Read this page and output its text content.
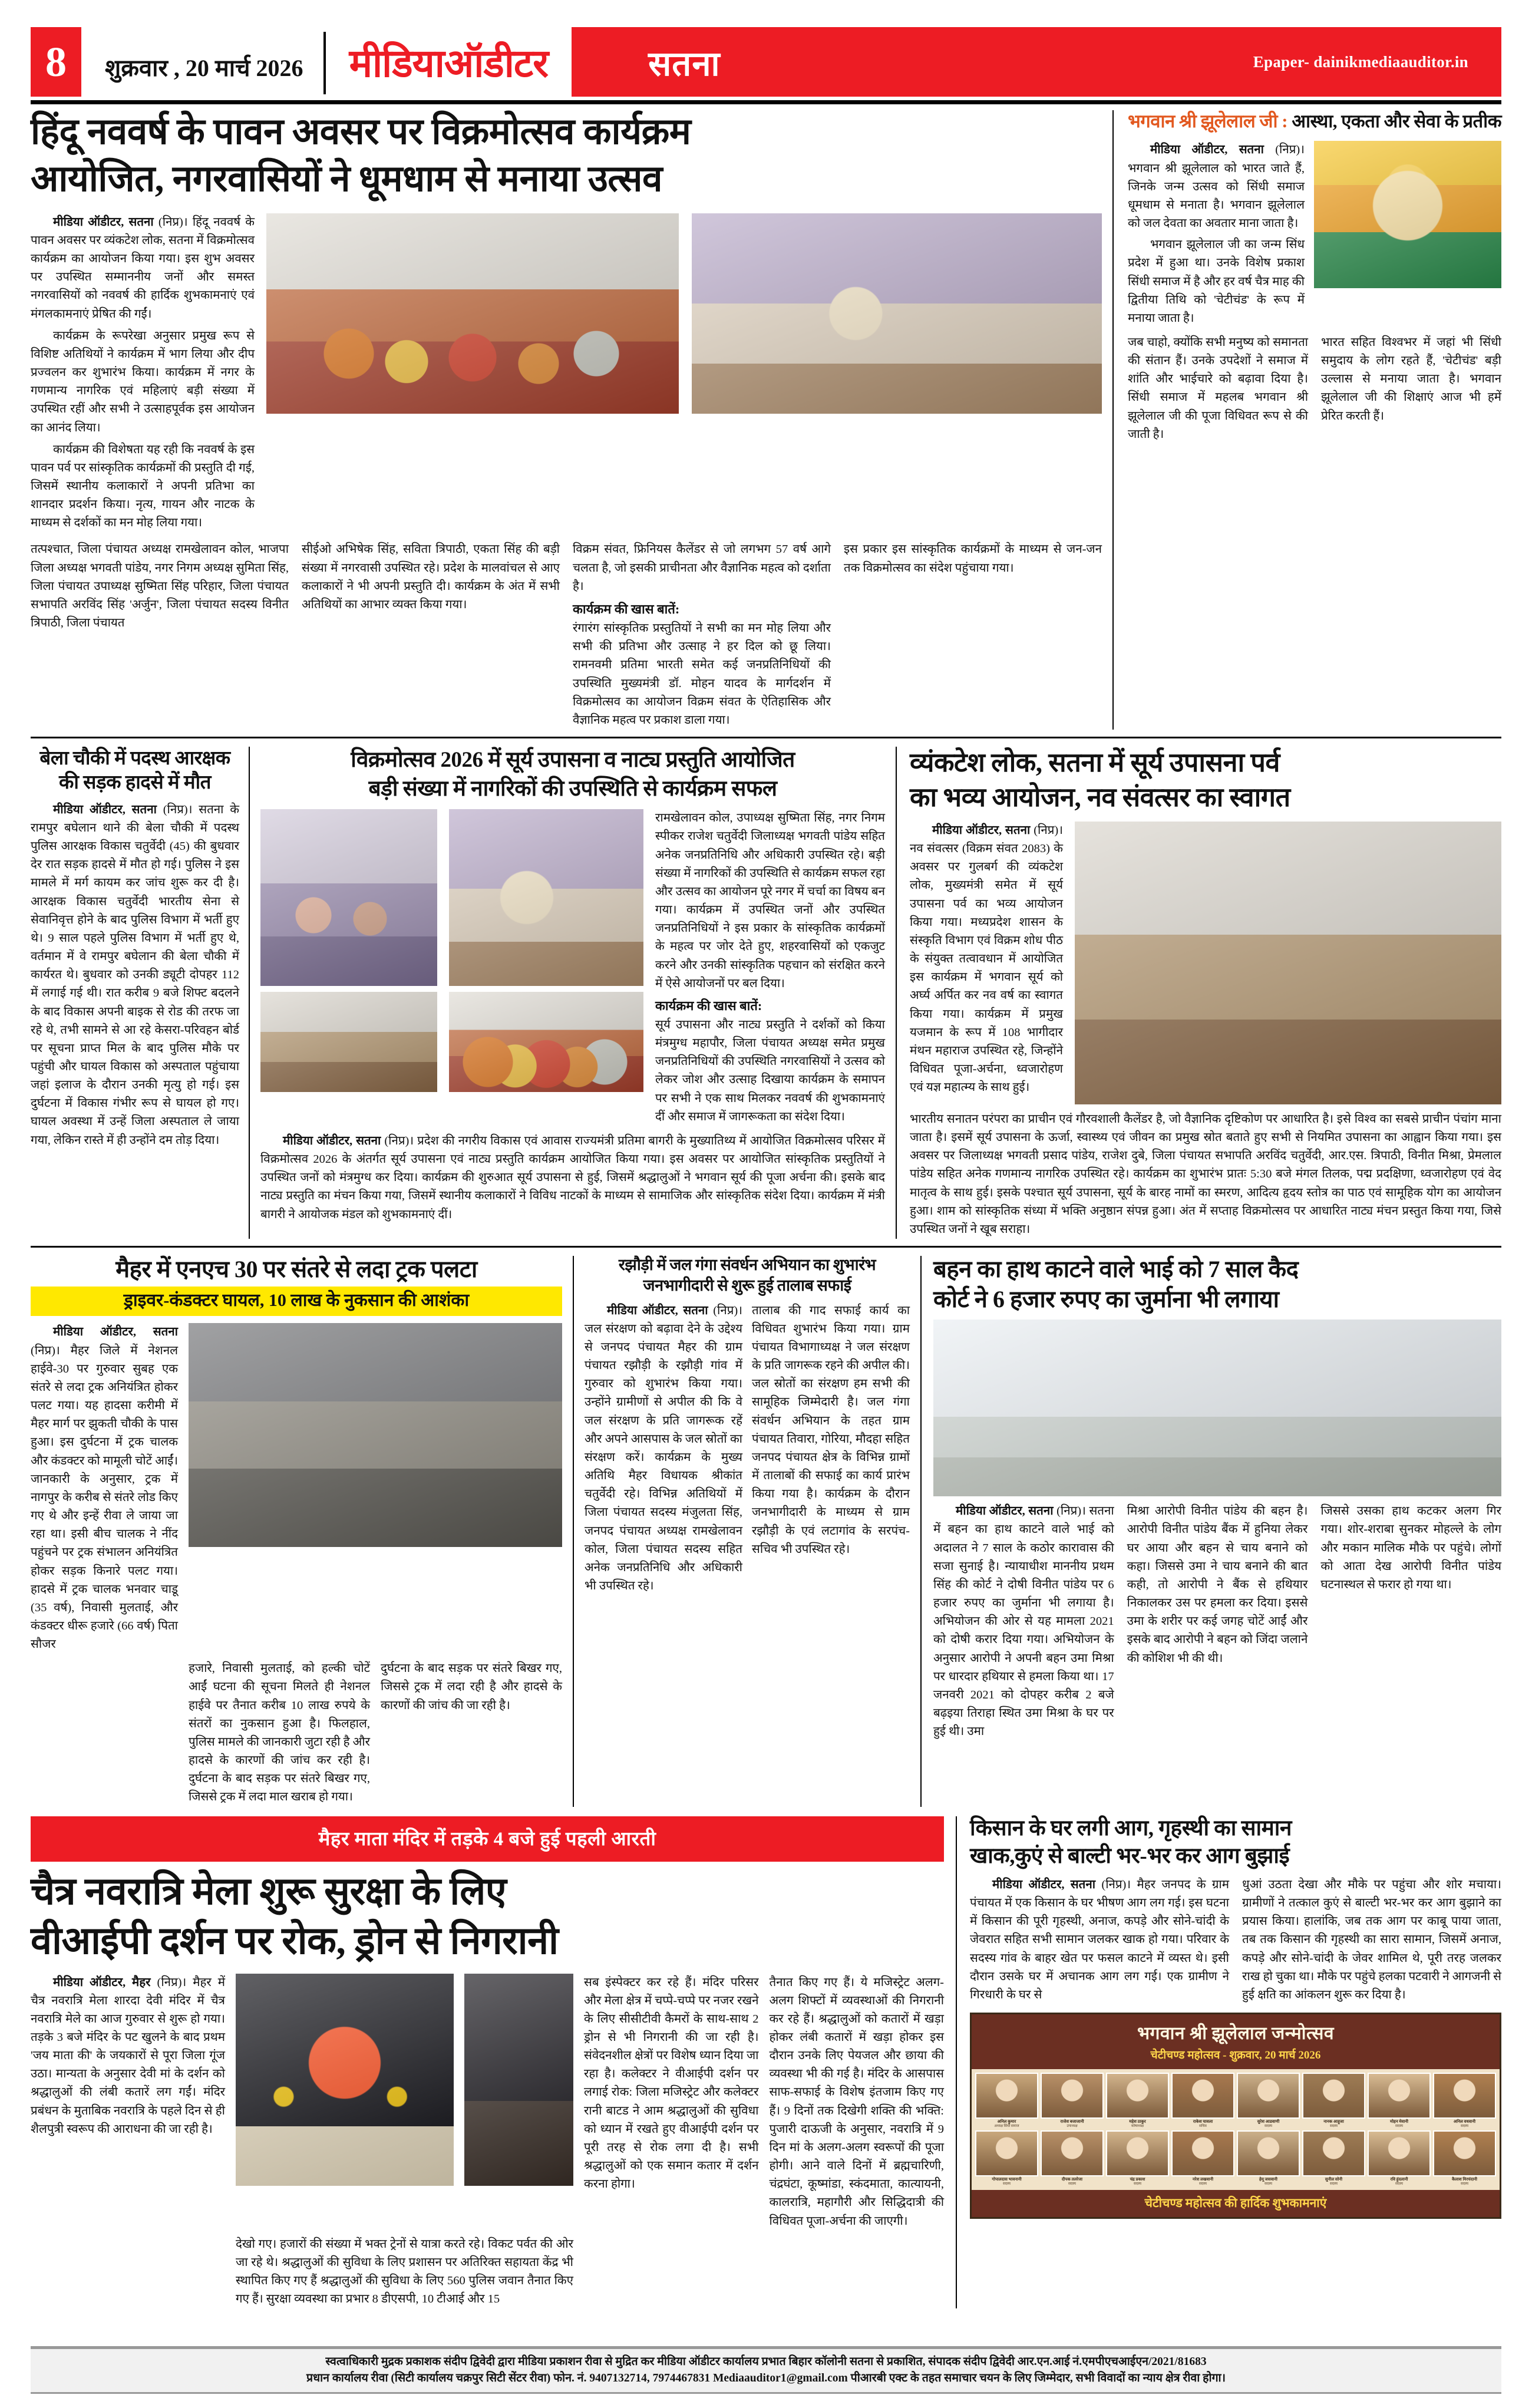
8	शुक्रवार , 20 मार्च 2026	मीडियाऑडीटर	सतना	Epaper- dainikmediaauditor.in
हिंदू नववर्ष के पावन अवसर पर विक्रमोत्सव कार्यक्रम
आयोजित, नगरवासियों ने धूमधाम से मनाया उत्सव

मीडिया ऑडीटर, सतना (निप्र)। हिंदू नववर्ष के पावन अवसर पर व्यंकटेश लोक, सतना में विक्रमोत्सव कार्यक्रम का आयोजन किया गया। इस शुभ अवसर पर उपस्थित सम्माननीय जनों और समस्त नगरवासियों को नववर्ष की हार्दिक शुभकामनाएं एवं मंगलकामनाएं प्रेषित की गईं।

कार्यक्रम के रूपरेखा अनुसार प्रमुख रूप से विशिष्ट अतिथियों ने कार्यक्रम में भाग लिया और दीप प्रज्वलन कर शुभारंभ किया। कार्यक्रम में नगर के गणमान्य नागरिक एवं महिलाएं बड़ी संख्या में उपस्थित रहीं और सभी ने उत्साहपूर्वक इस आयोजन का आनंद लिया।

कार्यक्रम की विशेषता यह रही कि नववर्ष के इस पावन पर्व पर सांस्कृतिक कार्यक्रमों की प्रस्तुति दी गई, जिसमें स्थानीय कलाकारों ने अपनी प्रतिभा का शानदार प्रदर्शन किया। नृत्य, गायन और नाटक के माध्यम से दर्शकों का मन मोह लिया गया।

तत्पश्चात, जिला पंचायत अध्यक्ष रामखेलावन कोल, भाजपा जिला अध्यक्ष भगवती पांडेय, नगर निगम अध्यक्ष सुमिता सिंह, जिला पंचायत उपाध्यक्ष सुष्मिता सिंह परिहार, जिला पंचायत सभापति अरविंद सिंह 'अर्जुन', जिला पंचायत सदस्य विनीत त्रिपाठी, जिला पंचायत

सीईओ अभिषेक सिंह, सविता त्रिपाठी, एकता सिंह की बड़ी संख्या में नगरवासी उपस्थित रहे। प्रदेश के मालवांचल से आए कलाकारों ने भी अपनी प्रस्तुति दी। कार्यक्रम के अंत में सभी अतिथियों का आभार व्यक्त किया गया।

विक्रम संवत, फ्रिनियस कैलेंडर से जो लगभग 57 वर्ष आगे चलता है, जो इसकी प्राचीनता और वैज्ञानिक महत्व को दर्शाता है।

कार्यक्रम की खास बातें:

रंगारंग सांस्कृतिक प्रस्तुतियों ने सभी का मन मोह लिया और सभी की प्रतिभा और उत्साह ने हर दिल को छू लिया। रामनवमी प्रतिमा भारती समेत कई जनप्रतिनिधियों की उपस्थिति मुख्यमंत्री डॉ. मोहन यादव के मार्गदर्शन में विक्रमोत्सव का आयोजन विक्रम संवत के ऐतिहासिक और वैज्ञानिक महत्व पर प्रकाश डाला गया।

इस प्रकार इस सांस्कृतिक कार्यक्रमों के माध्यम से जन-जन तक विक्रमोत्सव का संदेश पहुंचाया गया।

भगवान श्री झूलेलाल जी : आस्था, एकता और सेवा के प्रतीक

मीडिया ऑडीटर, सतना (निप्र)। भगवान श्री झूलेलाल को भारत जाते हैं, जिनके जन्म उत्सव को सिंधी समाज धूमधाम से मनाता है। भगवान झूलेलाल को जल देवता का अवतार माना जाता है।

भगवान झूलेलाल जी का जन्म सिंध प्रदेश में हुआ था। उनके विशेष प्रकाश सिंधी समाज में है और हर वर्ष चैत्र माह की द्वितीया तिथि को 'चेटीचंड' के रूप में मनाया जाता है।

जब चाहो, क्योंकि सभी मनुष्य को समानता की संतान हैं। उनके उपदेशों ने समाज में शांति और भाईचारे को बढ़ावा दिया है। सिंधी समाज में महलब भगवान श्री झूलेलाल जी की पूजा विधिवत रूप से की जाती है।

भारत सहित विश्वभर में जहां भी सिंधी समुदाय के लोग रहते हैं, 'चेटीचंड' बड़ी उल्लास से मनाया जाता है। भगवान झूलेलाल जी की शिक्षाएं आज भी हमें प्रेरित करती हैं।

बेला चौकी में पदस्थ आरक्षक की सड़क हादसे में मौत

मीडिया ऑडीटर, सतना (निप्र)। सतना के रामपुर बघेलान थाने की बेला चौकी में पदस्थ पुलिस आरक्षक विकास चतुर्वेदी (45) की बुधवार देर रात सड़क हादसे में मौत हो गई। पुलिस ने इस मामले में मर्ग कायम कर जांच शुरू कर दी है। आरक्षक विकास चतुर्वेदी भारतीय सेना से सेवानिवृत्त होने के बाद पुलिस विभाग में भर्ती हुए थे। 9 साल पहले पुलिस विभाग में भर्ती हुए थे, वर्तमान में वे रामपुर बघेलान की बेला चौकी में कार्यरत थे। बुधवार को उनकी ड्यूटी दोपहर 112 में लगाई गई थी। रात करीब 9 बजे शिफ्ट बदलने के बाद विकास अपनी बाइक से रोड की तरफ जा रहे थे, तभी सामने से आ रहे केसरा-परिवहन बोर्ड पर सूचना प्राप्त मिल के बाद पुलिस मौके पर पहुंची और घायल विकास को अस्पताल पहुंचाया जहां इलाज के दौरान उनकी मृत्यु हो गई। इस दुर्घटना में विकास गंभीर रूप से घायल हो गए। घायल अवस्था में उन्हें जिला अस्पताल ले जाया गया, लेकिन रास्ते में ही उन्होंने दम तोड़ दिया।

विक्रमोत्सव 2026 में सूर्य उपासना व नाट्य प्रस्तुति आयोजित
बड़ी संख्या में नागरिकों की उपस्थिति से कार्यक्रम सफल

रामखेलावन कोल, उपाध्यक्ष सुष्मिता सिंह, नगर निगम स्पीकर राजेश चतुर्वेदी जिलाध्यक्ष भगवती पांडेय सहित अनेक जनप्रतिनिधि और अधिकारी उपस्थित रहे। बड़ी संख्या में नागरिकों की उपस्थिति से कार्यक्रम सफल रहा और उत्सव का आयोजन पूरे नगर में चर्चा का विषय बन गया। कार्यक्रम में उपस्थित जनों और उपस्थित जनप्रतिनिधियों ने इस प्रकार के सांस्कृतिक कार्यक्रमों के महत्व पर जोर देते हुए, शहरवासियों को एकजुट करने और उनकी सांस्कृतिक पहचान को संरक्षित करने में ऐसे आयोजनों पर बल दिया।

कार्यक्रम की खास बातें:

सूर्य उपासना और नाट्य प्रस्तुति ने दर्शकों को किया मंत्रमुग्ध महापौर, जिला पंचायत अध्यक्ष समेत प्रमुख जनप्रतिनिधियों की उपस्थिति नगरवासियों ने उत्सव को लेकर जोश और उत्साह दिखाया कार्यक्रम के समापन पर सभी ने एक साथ मिलकर नववर्ष की शुभकामनाएं दीं और समाज में जागरूकता का संदेश दिया।

मीडिया ऑडीटर, सतना (निप्र)। प्रदेश की नगरीय विकास एवं आवास राज्यमंत्री प्रतिमा बागरी के मुख्यातिथ्य में आयोजित विक्रमोत्सव परिसर में विक्रमोत्सव 2026 के अंतर्गत सूर्य उपासना एवं नाट्य प्रस्तुति कार्यक्रम आयोजित किया गया। इस अवसर पर आयोजित सांस्कृतिक प्रस्तुतियों ने उपस्थित जनों को मंत्रमुग्ध कर दिया। कार्यक्रम की शुरुआत सूर्य उपासना से हुई, जिसमें श्रद्धालुओं ने भगवान सूर्य की पूजा अर्चना की। इसके बाद नाट्य प्रस्तुति का मंचन किया गया, जिसमें स्थानीय कलाकारों ने विविध नाटकों के माध्यम से सामाजिक और सांस्कृतिक संदेश दिया। कार्यक्रम में मंत्री बागरी ने आयोजक मंडल को शुभकामनाएं दीं।

व्यंकटेश लोक, सतना में सूर्य उपासना पर्व
का भव्य आयोजन, नव संवत्सर का स्वागत

मीडिया ऑडीटर, सतना (निप्र)। नव संवत्सर (विक्रम संवत 2083) के अवसर पर गुलबर्ग की व्यंकटेश लोक, मुख्यमंत्री समेत में सूर्य उपासना पर्व का भव्य आयोजन किया गया। मध्यप्रदेश शासन के संस्कृति विभाग एवं विक्रम शोध पीठ के संयुक्त तत्वावधान में आयोजित इस कार्यक्रम में भगवान सूर्य को अर्घ्य अर्पित कर नव वर्ष का स्वागत किया गया। कार्यक्रम में प्रमुख यजमान के रूप में 108 भागीदार मंथन महाराज उपस्थित रहे, जिन्होंने विधिवत पूजा-अर्चना, ध्वजारोहण एवं यज्ञ महात्म्य के साथ हुई।

भारतीय सनातन परंपरा का प्राचीन एवं गौरवशाली कैलेंडर है, जो वैज्ञानिक दृष्टिकोण पर आधारित है। इसे विश्व का सबसे प्राचीन पंचांग माना जाता है। इसमें सूर्य उपासना के ऊर्जा, स्वास्थ्य एवं जीवन का प्रमुख स्रोत बताते हुए सभी से नियमित उपासना का आह्वान किया गया। इस अवसर पर जिलाध्यक्ष भगवती प्रसाद पांडेय, राजेश दुबे, जिला पंचायत सभापति अरविंद चतुर्वेदी, आर.एस. त्रिपाठी, विनीत मिश्रा, प्रेमलाल पांडेय सहित अनेक गणमान्य नागरिक उपस्थित रहे। कार्यक्रम का शुभारंभ प्रातः 5:30 बजे मंगल तिलक, पद्म प्रदक्षिणा, ध्वजारोहण एवं वेद मातृत्व के साथ हुई। इसके पश्चात सूर्य उपासना, सूर्य के बारह नामों का स्मरण, आदित्य हृदय स्तोत्र का पाठ एवं सामूहिक योग का आयोजन हुआ। शाम को सांस्कृतिक संध्या में भक्ति अनुष्ठान संपन्न हुआ। अंत में सप्ताह विक्रमोत्सव पर आधारित नाट्य मंचन प्रस्तुत किया गया, जिसे उपस्थित जनों ने खूब सराहा।

मैहर में एनएच 30 पर संतरे से लदा ट्रक पलटा
ड्राइवर-कंडक्टर घायल, 10 लाख के नुकसान की आशंका

मीडिया ऑडीटर, सतना (निप्र)। मैहर जिले में नेशनल हाईवे-30 पर गुरुवार सुबह एक संतरे से लदा ट्रक अनियंत्रित होकर पलट गया। यह हादसा करीमी में मैहर मार्ग पर झुकती चौकी के पास हुआ। इस दुर्घटना में ट्रक चालक और कंडक्टर को मामूली चोटें आईं। जानकारी के अनुसार, ट्रक में नागपुर के करीब से संतरे लोड किए गए थे और इन्हें रीवा ले जाया जा रहा था। इसी बीच चालक ने नींद पहुंचने पर ट्रक संभालन अनियंत्रित होकर सड़क किनारे पलट गया। हादसे में ट्रक चालक भनवार चाडू (35 वर्ष), निवासी मुलताई, और कंडक्टर धीरू हजारे (66 वर्ष) पिता सौजर

हजारे, निवासी मुलताई, को हल्की चोटें आईं घटना की सूचना मिलते ही नेशनल हाईवे पर तैनात करीब 10 लाख रुपये के संतरों का नुकसान हुआ है। फिलहाल, पुलिस मामले की जानकारी जुटा रही है और हादसे के कारणों की जांच कर रही है। दुर्घटना के बाद सड़क पर संतरे बिखर गए, जिससे ट्रक में लदा माल खराब हो गया।

दुर्घटना के बाद सड़क पर संतरे बिखर गए, जिससे ट्रक में लदा रही है और हादसे के कारणों की जांच की जा रही है।

रझौड़ी में जल गंगा संवर्धन अभियान का शुभारंभ
जनभागीदारी से शुरू हुई तालाब सफाई

मीडिया ऑडीटर, सतना (निप्र)। जल संरक्षण को बढ़ावा देने के उद्देश्य से जनपद पंचायत मैहर की ग्राम पंचायत रझौड़ी के रझौड़ी गांव में गुरुवार को शुभारंभ किया गया। उन्होंने ग्रामीणों से अपील की कि वे जल संरक्षण के प्रति जागरूक रहें और अपने आसपास के जल स्रोतों का संरक्षण करें। कार्यक्रम के मुख्य अतिथि मैहर विधायक श्रीकांत चतुर्वेदी रहे। विभिन्न अतिथियों में जिला पंचायत सदस्य मंजुलता सिंह, जनपद पंचायत अध्यक्ष रामखेलावन कोल, जिला पंचायत सदस्य सहित अनेक जनप्रतिनिधि और अधिकारी भी उपस्थित रहे।

तालाब की गाद सफाई कार्य का विधिवत शुभारंभ किया गया। ग्राम पंचायत विभागाध्यक्ष ने जल संरक्षण के प्रति जागरूक रहने की अपील की। जल स्रोतों का संरक्षण हम सभी की सामूहिक जिम्मेदारी है। जल गंगा संवर्धन अभियान के तहत ग्राम पंचायत तिवारा, गोरिया, मौदहा सहित जनपद पंचायत क्षेत्र के विभिन्न ग्रामों में तालाबों की सफाई का कार्य प्रारंभ किया गया है। कार्यक्रम के दौरान जनभागीदारी के माध्यम से ग्राम रझौड़ी के एवं लटागांव के सरपंच-सचिव भी उपस्थित रहे।

बहन का हाथ काटने वाले भाई को 7 साल कैद
कोर्ट ने 6 हजार रुपए का जुर्माना भी लगाया

मीडिया ऑडीटर, सतना (निप्र)। सतना में बहन का हाथ काटने वाले भाई को अदालत ने 7 साल के कठोर कारावास की सजा सुनाई है। न्यायाधीश माननीय प्रथम सिंह की कोर्ट ने दोषी विनीत पांडेय पर 6 हजार रुपए का जुर्माना भी लगाया है। अभियोजन की ओर से यह मामला 2021 को दोषी करार दिया गया। अभियोजन के अनुसार आरोपी ने अपनी बहन उमा मिश्रा पर धारदार हथियार से हमला किया था। 17 जनवरी 2021 को दोपहर करीब 2 बजे बढ़इया तिराहा स्थित उमा मिश्रा के घर पर हुई थी। उमा

मिश्रा आरोपी विनीत पांडेय की बहन है। आरोपी विनीत पांडेय बैंक में हुनिया लेकर घर आया और बहन से चाय बनाने को कहा। जिससे उमा ने चाय बनाने की बात कही, तो आरोपी ने बैंक से हथियार निकालकर उस पर हमला कर दिया। इससे उमा के शरीर पर कई जगह चोटें आईं और इसके बाद आरोपी ने बहन को जिंदा जलाने की कोशिश भी की थी।

जिससे उसका हाथ कटकर अलग गिर गया। शोर-शराबा सुनकर मोहल्ले के लोग और मकान मालिक मौके पर पहुंचे। लोगों को आता देख आरोपी विनीत पांडेय घटनास्थल से फरार हो गया था।

मैहर माता मंदिर में तड़के 4 बजे हुई पहली आरती
चैत्र नवरात्रि मेला शुरू सुरक्षा के लिए
वीआईपी दर्शन पर रोक, ड्रोन से निगरानी

मीडिया ऑडीटर, मैहर (निप्र)। मैहर में चैत्र नवरात्रि मेला शारदा देवी मंदिर में चैत्र नवरात्रि मेले का आज गुरुवार से शुरू हो गया। तड़के 3 बजे मंदिर के पट खुलने के बाद प्रथम 'जय माता की' के जयकारों से पूरा जिला गूंज उठा। मान्यता के अनुसार देवी मां के दर्शन को श्रद्धालुओं की लंबी कतारें लग गईं। मंदिर प्रबंधन के मुताबिक नवरात्रि के पहले दिन से ही शैलपुत्री स्वरूप की आराधना की जा रही है।

सब इंस्पेक्टर कर रहे हैं। मंदिर परिसर और मेला क्षेत्र में चप्पे-चप्पे पर नजर रखने के लिए सीसीटीवी कैमरों के साथ-साथ 2 ड्रोन से भी निगरानी की जा रही है। संवेदनशील क्षेत्रों पर विशेष ध्यान दिया जा रहा है। कलेक्टर ने वीआईपी दर्शन पर लगाई रोक: जिला मजिस्ट्रेट और कलेक्टर रानी बाटड ने आम श्रद्धालुओं की सुविधा को ध्यान में रखते हुए वीआईपी दर्शन पर पूरी तरह से रोक लगा दी है। सभी श्रद्धालुओं को एक समान कतार में दर्शन करना होगा।

तैनात किए गए हैं। ये मजिस्ट्रेट अलग-अलग शिफ्टों में व्यवस्थाओं की निगरानी कर रहे हैं। श्रद्धालुओं को कतारों में खड़ा होकर लंबी कतारों में खड़ा होकर इस दौरान उनके लिए पेयजल और छाया की व्यवस्था भी की गई है। मंदिर के आसपास साफ-सफाई के विशेष इंतजाम किए गए हैं। 9 दिनों तक दिखेगी शक्ति की भक्ति: पुजारी दाऊजी के अनुसार, नवरात्रि में 9 दिन मां के अलग-अलग स्वरूपों की पूजा होगी। आने वाले दिनों में ब्रह्मचारिणी, चंद्रघंटा, कूष्मांडा, स्कंदमाता, कात्यायनी, कालरात्रि, महागौरी और सिद्धिदात्री की विधिवत पूजा-अर्चना की जाएगी।

देखो गए। हजारों की संख्या में भक्त ट्रेनों से यात्रा करते रहे। विकट पर्वत की ओर जा रहे थे। श्रद्धालुओं की सुविधा के लिए प्रशासन पर अतिरिक्त सहायता केंद्र भी स्थापित किए गए हैं श्रद्धालुओं की सुविधा के लिए 560 पुलिस जवान तैनात किए गए हैं। सुरक्षा व्यवस्था का प्रभार 8 डीएसपी, 10 टीआई और 15

किसान के घर लगी आग, गृहस्थी का सामान
खाक,कुएं से बाल्टी भर-भर कर आग बुझाई

मीडिया ऑडीटर, सतना (निप्र)। मैहर जनपद के ग्राम पंचायत में एक किसान के घर भीषण आग लग गई। इस घटना में किसान की पूरी गृहस्थी, अनाज, कपड़े और सोने-चांदी के जेवरात सहित सभी सामान जलकर खाक हो गया। परिवार के सदस्य गांव के बाहर खेत पर फसल काटने में व्यस्त थे। इसी दौरान उसके घर में अचानक आग लग गई। एक ग्रामीण ने गिरधारी के घर से

धुआं उठता देखा और मौके पर पहुंचा और शोर मचाया। ग्रामीणों ने तत्काल कुएं से बाल्टी भर-भर कर आग बुझाने का प्रयास किया। हालांकि, जब तक आग पर काबू पाया जाता, तब तक किसान की गृहस्थी का सारा सामान, जिसमें अनाज, कपड़े और सोने-चांदी के जेवर शामिल थे, पूरी तरह जलकर राख हो चुका था। मौके पर पहुंचे हलका पटवारी ने आगजनी से हुई क्षति का आंकलन शुरू कर दिया है।

भगवान श्री झूलेलाल जन्मोत्सव
चेटीचण्ड महोत्सव - शुक्रवार, 20 मार्च 2026
अनिल कुमार
अध्यक्ष सिंधी समाज
राजेश बजाजानी
उपाध्यक्ष
महेश ठाकुर
कोषाध्यक्ष
राकेश चावला
सचिव
सुरेश आडवाणी
सदस्य
नानक आहूजा
सदस्य
मोहन मेवानी
सदस्य
अनिल वधवानी
सदस्य
गोपालदास भावनानी
सदस्य
दीपक तलरेजा
सदस्य
चंद्र प्रकाश
सदस्य
नरेश लखवानी
सदस्य
हेमू जसवानी
सदस्य
सुनील सोनी
सदस्य
रवि हुंदलानी
सदस्य
कैलाश मिरचंदानी
सदस्य
चेटीचण्ड महोत्सव की हार्दिक शुभकामनाएं
स्वत्वाधिकारी मुद्रक प्रकाशक संदीप द्विवेदी द्वारा मीडिया प्रकाशन रीवा से मुद्रित कर मीडिया ऑडीटर कार्यालय प्रभात बिहार कॉलोनी सतना से प्रकाशित, संपादक संदीप द्विवेदी आर.एन.आई नं.एमपीएचआईएन/2021/81683
प्रधान कार्यालय रीवा (सिटी कार्यालय चक्रपुर सिटी सेंटर रीवा) फोन. नं. 9407132714, 7974467831 Mediaauditor1@gmail.com पीआरबी एक्ट के तहत समाचार चयन के लिए जिम्मेदार, सभी विवादों का न्याय क्षेत्र रीवा होगा।
